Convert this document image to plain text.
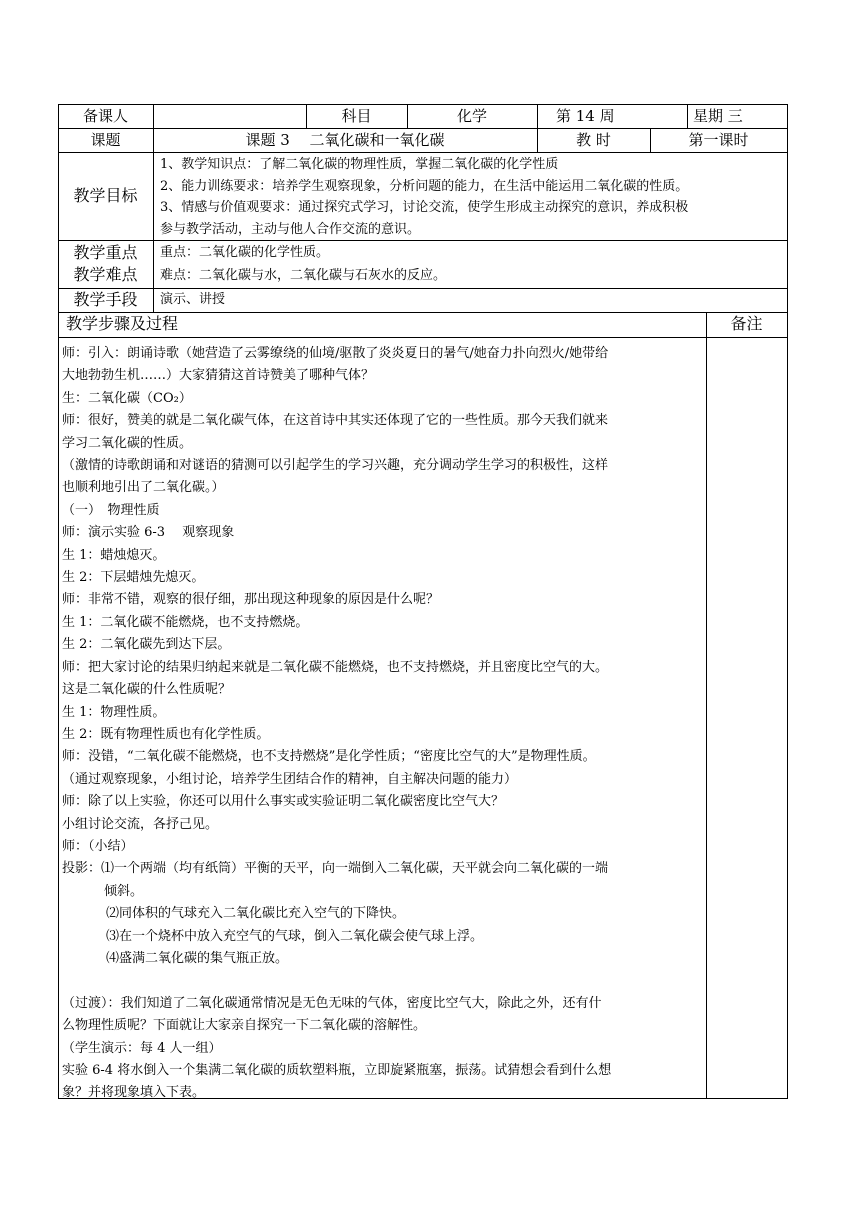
备课人	科目	化学	第 14 周	星期 三
课题	课题 3　 二氧化碳和一氧化碳	教 时	第一课时
教学目标

1、教学知识点：了解二氧化碳的物理性质，掌握二氧化碳的化学性质

2、能力训练要求：培养学生观察现象，分析问题的能力，在生活中能运用二氧化碳的性质。

3、情感与价值观要求：通过探究式学习，讨论交流，使学生形成主动探究的意识，养成积极

参与教学活动，主动与他人合作交流的意识。

教学重点
教学难点
重点：二氧化碳的化学性质。
难点：二氧化碳与水，二氧化碳与石灰水的反应。
教学手段	演示、讲授
教学步骤及过程	备注

师：引入：朗诵诗歌（她营造了云雾缭绕的仙境/驱散了炎炎夏日的暑气/她奋力扑向烈火/她带给

大地勃勃生机……）大家猜猜这首诗赞美了哪种气体？

生：二氧化碳（CO₂）

师：很好，赞美的就是二氧化碳气体，在这首诗中其实还体现了它的一些性质。那今天我们就来

学习二氧化碳的性质。

（激情的诗歌朗诵和对谜语的猜测可以引起学生的学习兴趣，充分调动学生学习的积极性，这样

也顺利地引出了二氧化碳。）

（一）　物理性质

师：演示实验 6-3　 观察现象

生 1：蜡烛熄灭。

生 2：下层蜡烛先熄灭。

师：非常不错，观察的很仔细，那出现这种现象的原因是什么呢？

生 1：二氧化碳不能燃烧，也不支持燃烧。

生 2：二氧化碳先到达下层。

师：把大家讨论的结果归纳起来就是二氧化碳不能燃烧，也不支持燃烧，并且密度比空气的大。

这是二氧化碳的什么性质呢？

生 1：物理性质。

生 2：既有物理性质也有化学性质。

师：没错，“二氧化碳不能燃烧，也不支持燃烧”是化学性质；“密度比空气的大”是物理性质。

（通过观察现象，小组讨论，培养学生团结合作的精神，自主解决问题的能力）

师：除了以上实验，你还可以用什么事实或实验证明二氧化碳密度比空气大？

小组讨论交流，各抒己见。

师：（小结）

投影：⑴一个两端（均有纸筒）平衡的天平，向一端倒入二氧化碳，天平就会向二氧化碳的一端

倾斜。

⑵同体积的气球充入二氧化碳比充入空气的下降快。

⑶在一个烧杯中放入充空气的气球，倒入二氧化碳会使气球上浮。

⑷盛满二氧化碳的集气瓶正放。

（过渡）：我们知道了二氧化碳通常情况是无色无味的气体，密度比空气大，除此之外，还有什

么物理性质呢？下面就让大家亲自探究一下二氧化碳的溶解性。

（学生演示：每 4 人一组）

实验 6-4 将水倒入一个集满二氧化碳的质软塑料瓶，立即旋紧瓶塞，振荡。试猜想会看到什么想

象？并将现象填入下表。
